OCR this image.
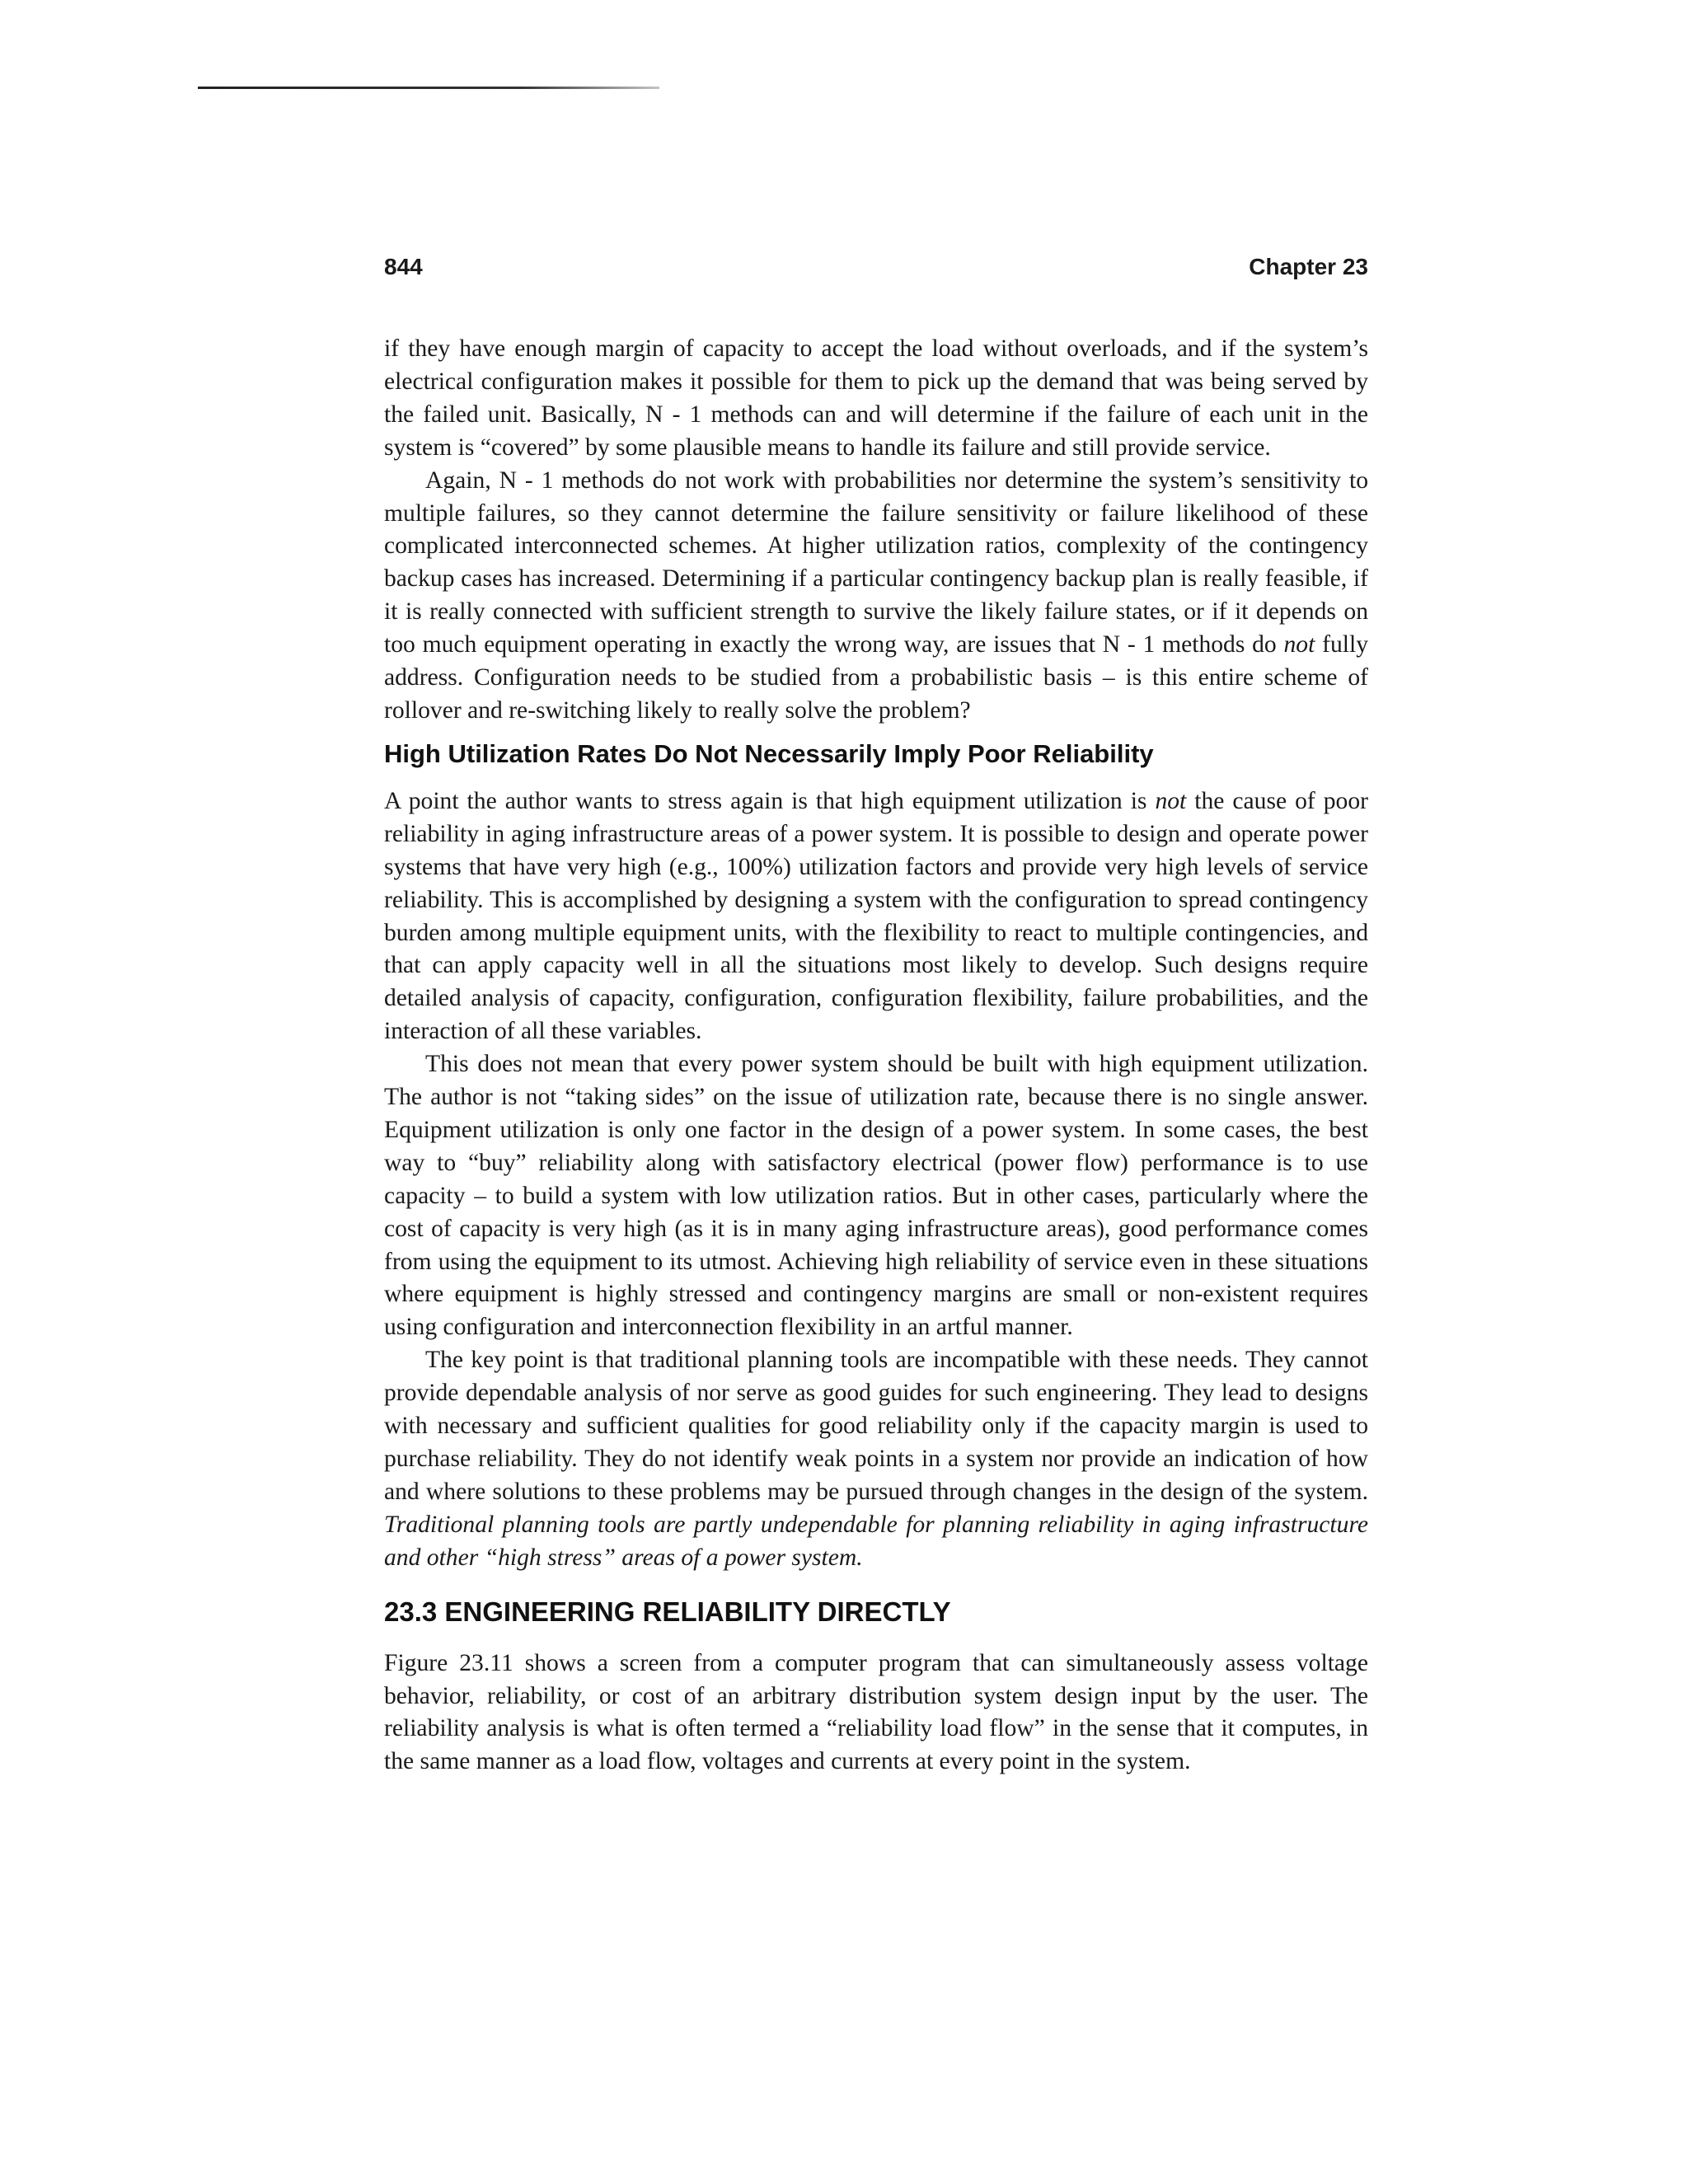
844	Chapter 23

if they have enough margin of capacity to accept the load without overloads, and if the system’s electrical configuration makes it possible for them to pick up the demand that was being served by the failed unit. Basically, N - 1 methods can and will determine if the failure of each unit in the system is “covered” by some plausible means to handle its failure and still provide service.

Again, N - 1 methods do not work with probabilities nor determine the system’s sensitivity to multiple failures, so they cannot determine the failure sensitivity or failure likelihood of these complicated interconnected schemes. At higher utilization ratios, complexity of the contingency backup cases has increased. Determining if a particular contingency backup plan is really feasible, if it is really connected with sufficient strength to survive the likely failure states, or if it depends on too much equipment operating in exactly the wrong way, are issues that N - 1 methods do not fully address. Configuration needs to be studied from a probabilistic basis – is this entire scheme of rollover and re-switching likely to really solve the problem?

High Utilization Rates Do Not Necessarily Imply Poor Reliability

A point the author wants to stress again is that high equipment utilization is not the cause of poor reliability in aging infrastructure areas of a power system. It is possible to design and operate power systems that have very high (e.g., 100%) utilization factors and provide very high levels of service reliability. This is accomplished by designing a system with the configuration to spread contingency burden among multiple equipment units, with the flexibility to react to multiple contingencies, and that can apply capacity well in all the situations most likely to develop. Such designs require detailed analysis of capacity, configuration, configuration flexibility, failure probabilities, and the interaction of all these variables.

This does not mean that every power system should be built with high equipment utilization. The author is not “taking sides” on the issue of utilization rate, because there is no single answer. Equipment utilization is only one factor in the design of a power system. In some cases, the best way to “buy” reliability along with satisfactory electrical (power flow) performance is to use capacity – to build a system with low utilization ratios. But in other cases, particularly where the cost of capacity is very high (as it is in many aging infrastructure areas), good performance comes from using the equipment to its utmost. Achieving high reliability of service even in these situations where equipment is highly stressed and contingency margins are small or non-existent requires using configuration and interconnection flexibility in an artful manner.

The key point is that traditional planning tools are incompatible with these needs. They cannot provide dependable analysis of nor serve as good guides for such engineering. They lead to designs with necessary and sufficient qualities for good reliability only if the capacity margin is used to purchase reliability. They do not identify weak points in a system nor provide an indication of how and where solutions to these problems may be pursued through changes in the design of the system. Traditional planning tools are partly undependable for planning reliability in aging infrastructure and other “high stress” areas of a power system.

23.3 ENGINEERING RELIABILITY DIRECTLY

Figure 23.11 shows a screen from a computer program that can simultaneously assess voltage behavior, reliability, or cost of an arbitrary distribution system design input by the user. The reliability analysis is what is often termed a “reliability load flow” in the sense that it computes, in the same manner as a load flow, voltages and currents at every point in the system.
